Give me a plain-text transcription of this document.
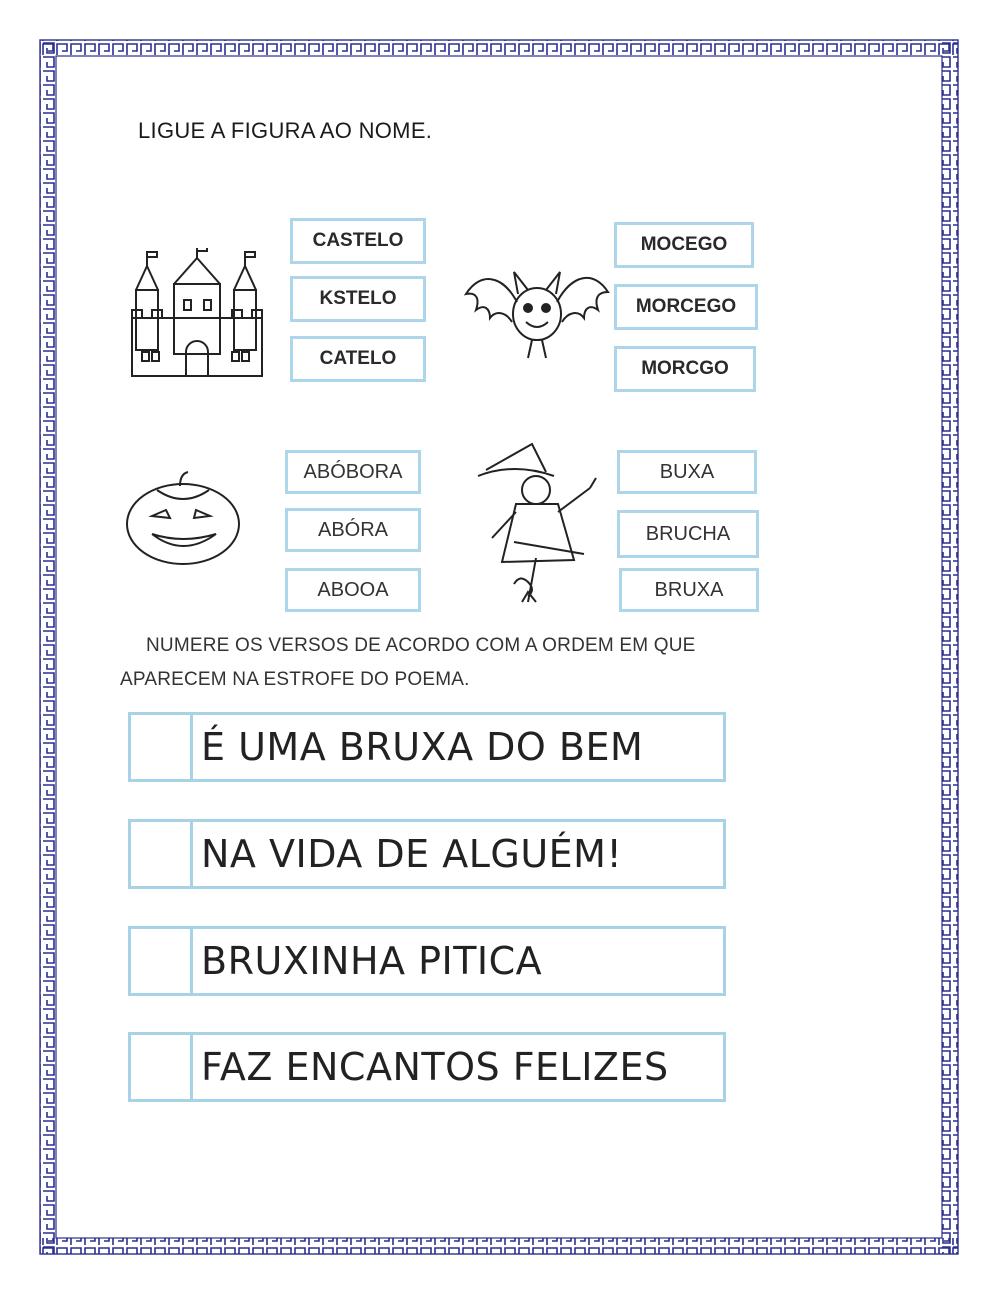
LIGUE A FIGURA AO NOME.
CASTELO
KSTELO
CATELO
MOCEGO
MORCEGO
MORCGO
ABÓBORA
ABÓRA
ABOOA
BUXA
BRUCHA
BRUXA
NUMERE OS VERSOS DE ACORDO COM A ORDEM EM QUE
APARECEM NA ESTROFE DO POEMA.
É UMA BRUXA DO BEM
NA VIDA DE ALGUÉM!
BRUXINHA PITICA
FAZ ENCANTOS FELIZES
